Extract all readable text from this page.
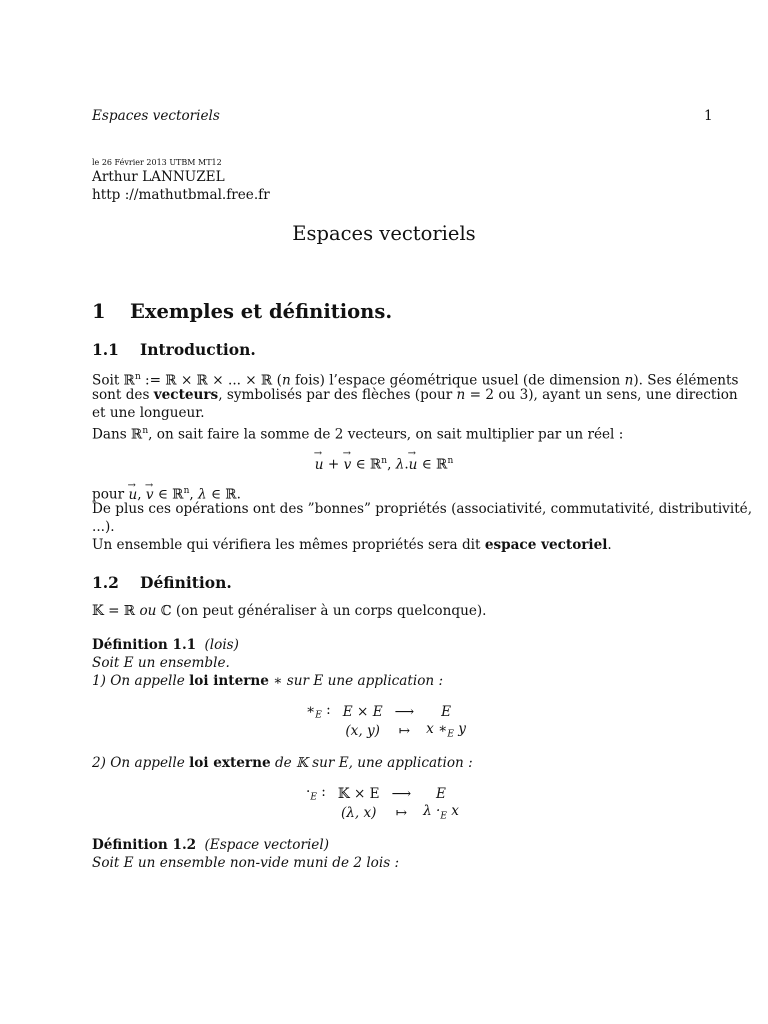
Espaces vectoriels	1
le 26 Février 2013 UTBM MT12
Arthur LANNUZEL
http ://mathutbmal.free.fr
Espaces vectoriels
1 Exemples et définitions.
1.1 Introduction.
Soit ℝ$^n$ := ℝ × ℝ × ... × ℝ (n fois) l’espace géométrique usuel (de dimension n). Ses éléments
sont des vecteurs, symbolisés par des flèches (pour n = 2 ou 3), ayant un sens, une direction
et une longueur.
Dans ℝ$^n$, on sait faire la somme de 2 vecteurs, on sait multiplier par un réel :
u → + v → ∈ ℝ$^n$, λ.u → ∈ ℝ$^n$
pour u →, v → ∈ ℝ$^n$, λ ∈ ℝ.
De plus ces opérations ont des ”bonnes” propriétés (associativité, commutativité, distributivité,
...).
Un ensemble qui vérifiera les mêmes propriétés sera dit espace vectoriel.
1.2 Définition.
𝕂 = ℝ ou ℂ (on peut généraliser à un corps quelconque).
Définition 1.1 (lois)
Soit E un ensemble.
1) On appelle loi interne ∗ sur E une application :
$∗_E$ :	E × E	⟶	E
	(x, y)	↦	x $∗_E$ y
2) On appelle loi externe de 𝕂 sur E, une application :
$\cdot_E$ :	𝕂 × E	⟶	E
	(λ, x)	↦	$\lambda \cdot_E$ x
Définition 1.2 (Espace vectoriel)
Soit E un ensemble non-vide muni de 2 lois :
